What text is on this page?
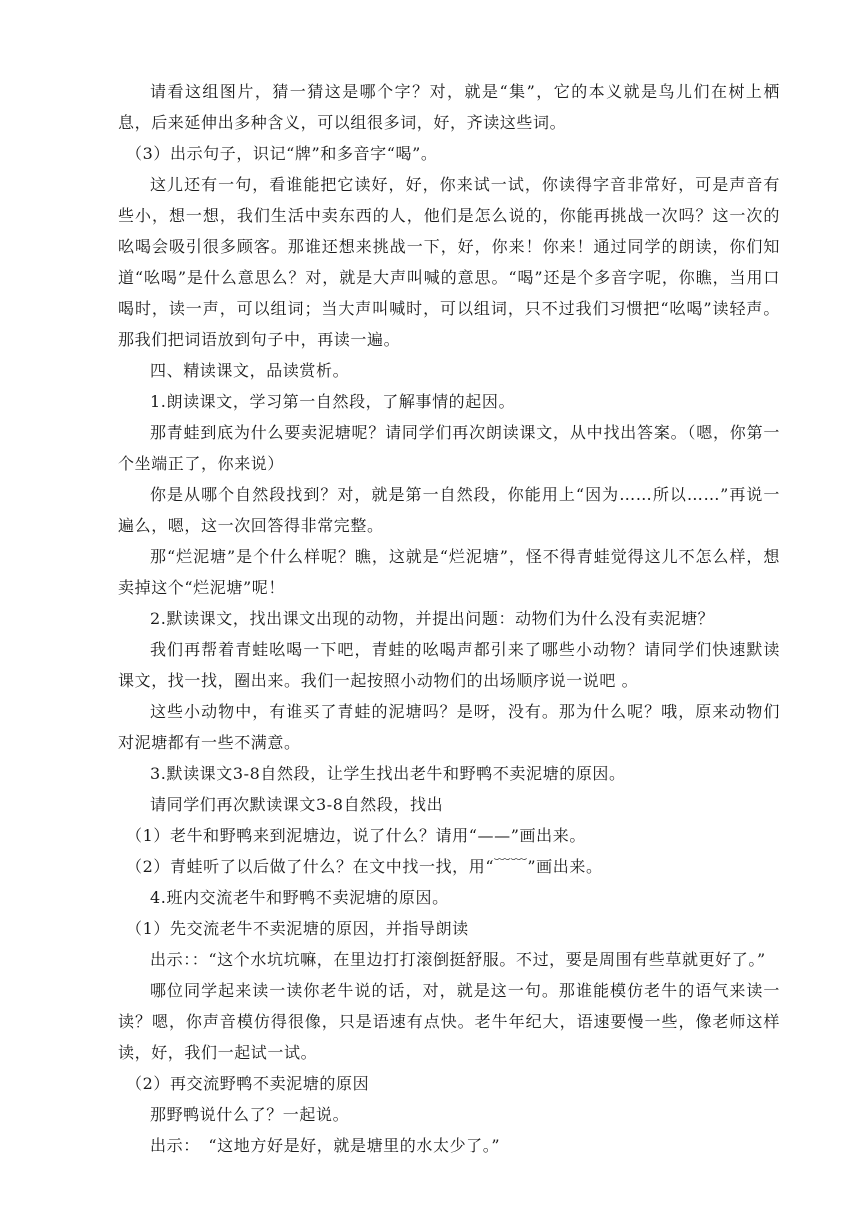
请看这组图片，猜一猜这是哪个字？对，就是“集”，它的本义就是鸟儿们在树上栖息，后来延伸出多种含义，可以组很多词，好，齐读这些词。

（3）出示句子，识记“牌”和多音字“喝”。

这儿还有一句，看谁能把它读好，好，你来试一试，你读得字音非常好，可是声音有些小，想一想，我们生活中卖东西的人，他们是怎么说的，你能再挑战一次吗？这一次的吆喝会吸引很多顾客。那谁还想来挑战一下，好，你来！你来！通过同学的朗读，你们知道“吆喝”是什么意思么？对，就是大声叫喊的意思。“喝”还是个多音字呢，你瞧，当用口喝时，读一声，可以组词；当大声叫喊时，可以组词，只不过我们习惯把“吆喝”读轻声。那我们把词语放到句子中，再读一遍。

四、精读课文，品读赏析。

1.朗读课文，学习第一自然段，了解事情的起因。

那青蛙到底为什么要卖泥塘呢？请同学们再次朗读课文，从中找出答案。（嗯，你第一个坐端正了，你来说）

你是从哪个自然段找到？对，就是第一自然段，你能用上“因为……所以……”再说一遍么，嗯，这一次回答得非常完整。

那“烂泥塘”是个什么样呢？瞧，这就是“烂泥塘”，怪不得青蛙觉得这儿不怎么样，想卖掉这个“烂泥塘”呢！

2.默读课文，找出课文出现的动物，并提出问题：动物们为什么没有卖泥塘？

我们再帮着青蛙吆喝一下吧，青蛙的吆喝声都引来了哪些小动物？请同学们快速默读课文，找一找，圈出来。我们一起按照小动物们的出场顺序说一说吧 。

这些小动物中，有谁买了青蛙的泥塘吗？是呀，没有。那为什么呢？哦，原来动物们对泥塘都有一些不满意。

3.默读课文3-8自然段，让学生找出老牛和野鸭不卖泥塘的原因。

请同学们再次默读课文3-8自然段，找出

（1）老牛和野鸭来到泥塘边，说了什么？请用“——”画出来。

（2）青蛙听了以后做了什么？在文中找一找，用“﹋﹋”画出来。

4.班内交流老牛和野鸭不卖泥塘的原因。

（1）先交流老牛不卖泥塘的原因，并指导朗读

出示：：“这个水坑坑嘛，在里边打打滚倒挺舒服。不过，要是周围有些草就更好了。”

哪位同学起来读一读你老牛说的话，对，就是这一句。那谁能模仿老牛的语气来读一读？嗯，你声音模仿得很像，只是语速有点快。老牛年纪大，语速要慢一些，像老师这样读，好，我们一起试一试。

（2）再交流野鸭不卖泥塘的原因

那野鸭说什么了？一起说。

出示：　“这地方好是好，就是塘里的水太少了。”
